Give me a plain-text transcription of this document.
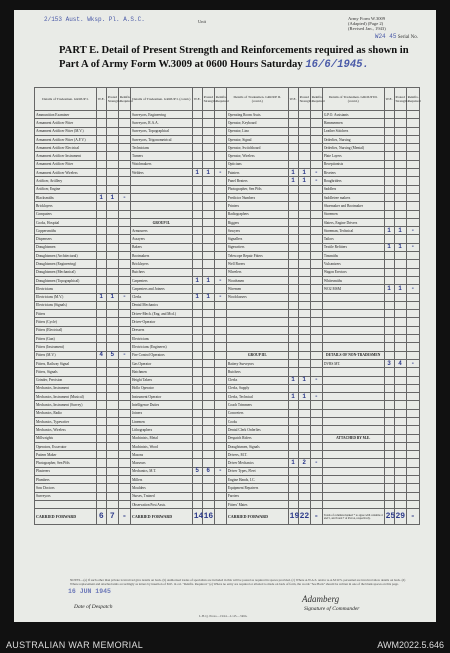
2/153 Aust. Wksp. Pl. A.S.C.	Unit
Army Form W.3009
(Adapted) (Page 2)
(Revised Jan., 1943)
W24 45 Serial No.
PART E. Detail of Present Strength and Reinforcements required as shown in Part A of Army Form W.3009 at 0600 Hours Saturday 16/6/1945.
Details of Tradesmen. GROUP I.	W.E.	Posted Strength	Reinfts. Required	Details of Tradesmen. GROUP I. (contd.)	W.E.	Posted Strength	Reinfts. Required	Details of Tradesmen. GROUP II. (contd.)	W.E.	Posted Strength	Reinfts. Required	Details of Tradesmen. GROUP III. (contd.)	W.E.	Posted Strength	Reinfts. Required
Ammunition Examiner				Surveyors, Engineering				Operating Room Assts.				G.P.O. Assistants			
Armament Artificer Fitter				Surveyors, R.A.A.				Operator, Keyboard				Hammermen			
Armament Artificer Fitter (M.V.)				Surveyors, Topographical				Operator, Lino				Leather Stitchers			
Armament Artificer Fitter (A.F.V.)				Surveyors, Trigonometrical				Operator, Signal				Orderlies, Nursing			
Armament Artificer Electrical				Technicians				Operator, Switchboard				Orderlies, Nursing (Mental)			
Armament Artificer Instrument				Turners				Operator, Wireless				Plate Layers			
Armament Artificer Fitter				Watchmakers				Opticians				Receptionists			
Armament Artificer Wireless				Welders	1	1	-	Painters	1	1	-	Riveters			
Artificer, Artillery								Panel Beaters	1	1	-	Roughriders			
Artificer, Engine								Photographer, Sen Pfds				Saddlers			
Blacksmiths	1	1	-					Predictor Numbers				Saddletree makers			
Bricklayers								Printers				Shoemaker and Bootmaker			
Computers								Radiographers				Storemen			
Cooks, Hospital				GROUP II.				Riggers				Slaters, Engine Drivers			
Coppersmiths				Armourers				Sawyers				Storeman, Technical	1	1	-
Dispensers				Assayers				Signallers				Tailors			
Draughtsmen				Bakers				Signwriters				Textile Refitters	1	1	-
Draughtsmen (Architectural)				Bootmakers				Telescope Repair Fitters				Tinsmiths			
Draughtsmen (Engineering)				Bricklayers				Well Borers				Vulcanizers			
Draughtsmen (Mechanical)				Butchers				Wheelers				Wagon Erectors			
Draughtsmen (Topographical)				Carpenters	1	1	-	Woodsmen				Whitesmiths			
Electricians				Carpenters and Joiners				Wiremen				WO2 MSM	1	1	-
Electricians (M.V.)	1	1	-	Clerks	1	1	-	Woolclassers							
Electricians (Signals)				Dental Mechanics											
Fitters				Driver-Mech. (Eng. and Mcd.)											
Fitters (Cycle)				Driver-Operator											
Fitters (Electrical)				Dressers											
Fitters (Gun)				Electricians											
Fitters (Instrument)				Electricians (Engineers)											
Fitters (M.V.)	4	5	-	Fire Control Operators				GROUP III.				DETAILS OF NON-TRADESMEN			
Fitters, Railway Signal				Gas Operator				Battery Surveyors				DVRS MT.	3	4	-
Fitters, Signals				Hatchmen				Butchers							
Grinder, Precision				Height Takers				Clerks	1	1	-				
Mechanics, Instrument				Hollo Operator				Clerks, Supply							
Mechanics, Instrument (Musical)				Instrument Operator				Clerks, Technical	1	1	-				
Mechanics, Instrument (Survey)				Intelligence Duties				Coach Trimmers							
Mechanics, Radio				Joiners				Concreters							
Mechanics, Typewriter				Linemen				Cooks							
Mechanics, Wireless				Lithographers				Dental Clerk Orderlies							
Millwrights				Machinists, Metal				Despatch Riders				ATTACHED BY M.E.			
Operators, Excavator				Machinists, Wood				Draughtsmen, Signals							
Pattern Maker				Masons				Drivers, M.T.							
Photographer, Sen Pfds				Masseurs				Driver Mechanics	1	2	-				
Plasterers				Mechanics, M.T.	5	6	-	Driver Types, Fleet							
Plumbers				Millers				Engine Hands, I.C.							
Saw Doctors				Moulders				Equipment Repairers							
Surveyors				Nurses, Trained				Farriers							
				Observation Post Assts.				Fitters' Mates							
CARRIED FORWARD	6	7	-	CARRIED FORWARD	14	16		CARRIED FORWARD	19	22	-	Totals of columns marked * to agree with columns 4 and 5, and 6 and 7 of Part A, respectively.	25	29	-
NOTES—(a) If such other than private is involved give details on back. (b) Authorised trades of specialists are included in this will be posted as required in spaces provided. (c) Where A.W.A.S. and/or A.A.M.W.S. personnel are involved show details on back. (d) Where replacement and attached units accordingly as letters by insertion of M.E. in col. "Reinfts. Required." (e) Where no entry are required or allotted to made on back of form, the words "See Back" should be written in one of the blank spaces on this page.
16 JUN 1945
Date of Despatch
Adamberg
Signature of Commander
L.H.Q. Press—1944—L/45—3Rm.
AUSTRALIAN WAR MEMORIAL	AWM2022.5.646
